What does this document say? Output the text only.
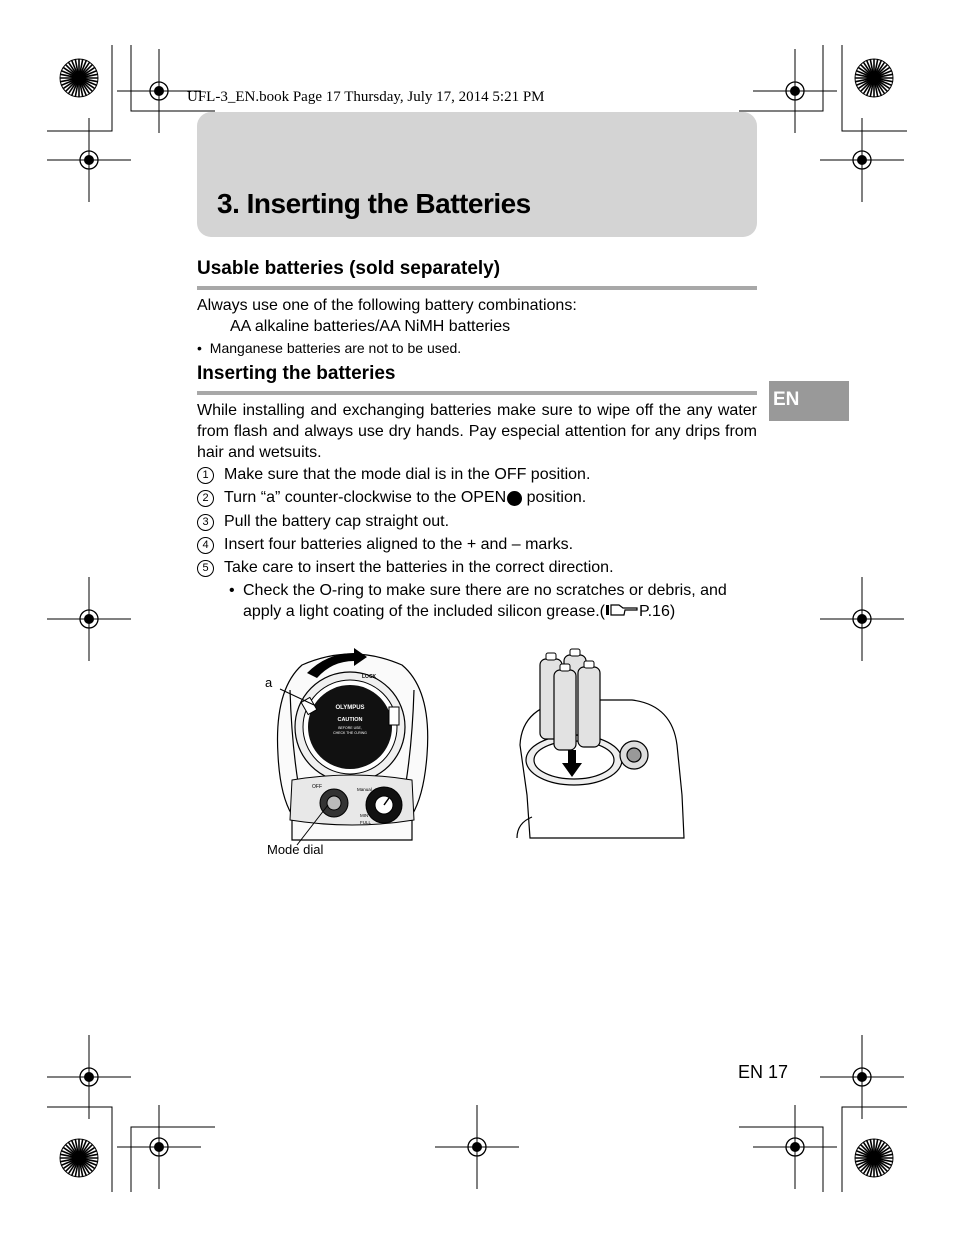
UFL-3_EN.book Page 17 Thursday, July 17, 2014 5:21 PM
3. Inserting the Batteries
Usable batteries (sold separately)
Always use one of the following battery combinations:
AA alkaline batteries/AA NiMH batteries
• Manganese batteries are not to be used.
Inserting the batteries
While installing and exchanging batteries make sure to wipe off the any water from flash and always use dry hands. Pay especial attention for any drips from hair and wetsuits.
1 Make sure that the mode dial is in the OFF position.
2 Turn “a” counter-clockwise to the OPEN position.
3 Pull the battery cap straight out.
4 Insert four batteries aligned to the + and – marks.
5 Take care to insert the batteries in the correct direction.
• Check the O-ring to make sure there are no scratches or debris, and apply a light coating of the included silicon grease.( P.16)
OLYMPUS
CAUTION
BEFORE USE,
CHECK THE O-RING
LOCK
OFF	Manual
MIN
FULL
a
Mode dial
EN
EN 17
